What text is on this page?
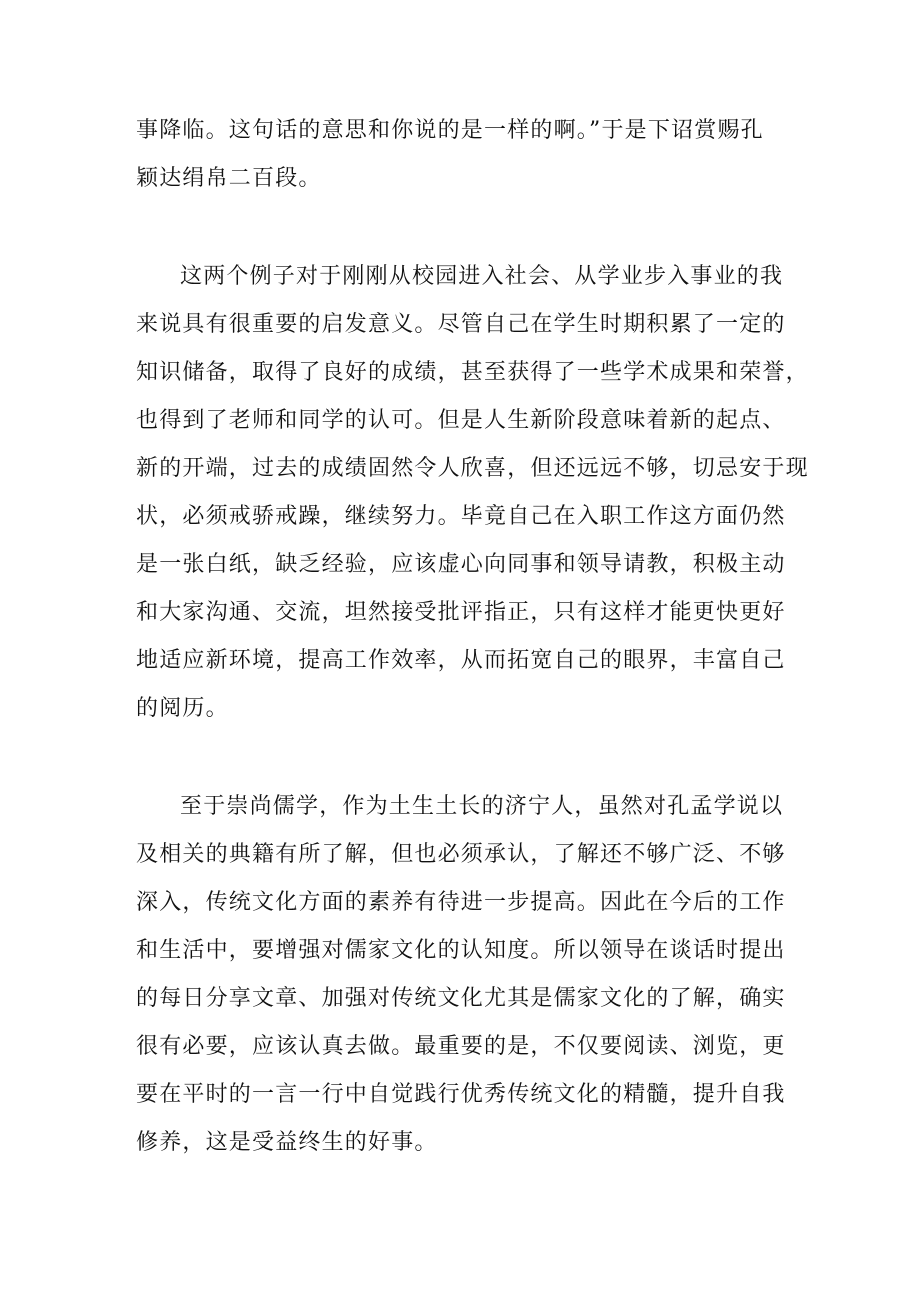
事降临。这句话的意思和你说的是一样的啊。”于是下诏赏赐孔
颖达绢帛二百段。
这两个例子对于刚刚从校园进入社会、从学业步入事业的我
来说具有很重要的启发意义。尽管自己在学生时期积累了一定的
知识储备，取得了良好的成绩，甚至获得了一些学术成果和荣誉，
也得到了老师和同学的认可。但是人生新阶段意味着新的起点、
新的开端，过去的成绩固然令人欣喜，但还远远不够，切忌安于现
状，必须戒骄戒躁，继续努力。毕竟自己在入职工作这方面仍然
是一张白纸，缺乏经验，应该虚心向同事和领导请教，积极主动
和大家沟通、交流，坦然接受批评指正，只有这样才能更快更好
地适应新环境，提高工作效率，从而拓宽自己的眼界，丰富自己
的阅历。
至于崇尚儒学，作为土生土长的济宁人，虽然对孔孟学说以
及相关的典籍有所了解，但也必须承认，了解还不够广泛、不够
深入，传统文化方面的素养有待进一步提高。因此在今后的工作
和生活中，要增强对儒家文化的认知度。所以领导在谈话时提出
的每日分享文章、加强对传统文化尤其是儒家文化的了解，确实
很有必要，应该认真去做。最重要的是，不仅要阅读、浏览，更
要在平时的一言一行中自觉践行优秀传统文化的精髓，提升自我
修养，这是受益终生的好事。
